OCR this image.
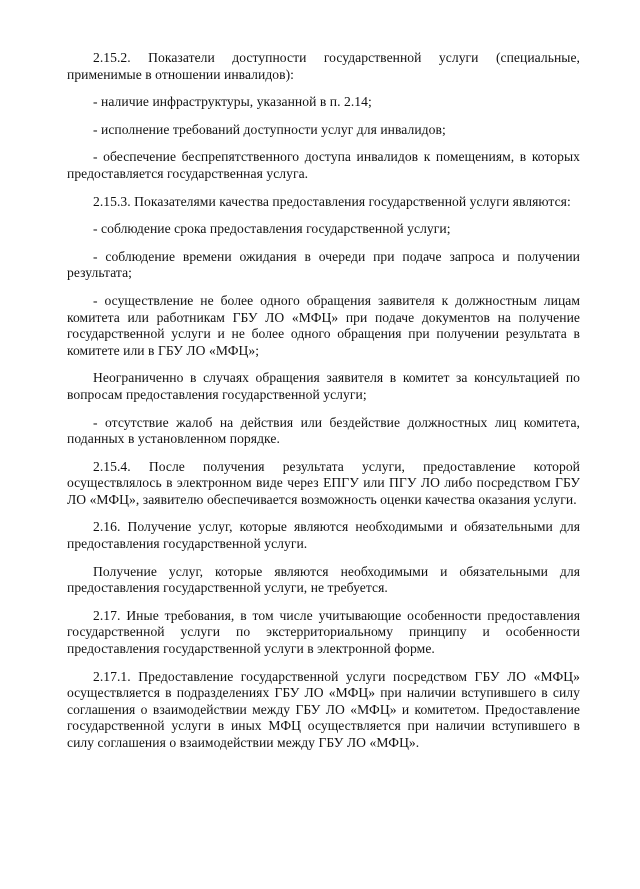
2.15.2. Показатели доступности государственной услуги (специальные, применимые в отношении инвалидов):

- наличие инфраструктуры, указанной в п. 2.14;

- исполнение требований доступности услуг для инвалидов;

- обеспечение беспрепятственного доступа инвалидов к помещениям, в которых предоставляется государственная услуга.

2.15.3. Показателями качества предоставления государственной услуги являются:

- соблюдение срока предоставления государственной услуги;

- соблюдение времени ожидания в очереди при подаче запроса и получении результата;

- осуществление не более одного обращения заявителя к должностным лицам комитета или работникам ГБУ ЛО «МФЦ» при подаче документов на получение государственной услуги и не более одного обращения при получении результата в комитете или в ГБУ ЛО «МФЦ»;

Неограниченно в случаях обращения заявителя в комитет за консультацией по вопросам предоставления государственной услуги;

- отсутствие жалоб на действия или бездействие должностных лиц комитета, поданных в установленном порядке.

2.15.4. После получения результата услуги, предоставление которой осуществлялось в электронном виде через ЕПГУ или ПГУ ЛО либо посредством ГБУ ЛО «МФЦ», заявителю обеспечивается возможность оценки качества оказания услуги.

2.16. Получение услуг, которые являются необходимыми и обязательными для предоставления государственной услуги.

Получение услуг, которые являются необходимыми и обязательными для предоставления государственной услуги, не требуется.

2.17. Иные требования, в том числе учитывающие особенности предоставления государственной услуги по экстерриториальному принципу и особенности предоставления государственной услуги в электронной форме.

2.17.1. Предоставление государственной услуги посредством ГБУ ЛО «МФЦ» осуществляется в подразделениях ГБУ ЛО «МФЦ» при наличии вступившего в силу соглашения о взаимодействии между ГБУ ЛО «МФЦ» и комитетом. Предоставление государственной услуги в иных МФЦ осуществляется при наличии вступившего в силу соглашения о взаимодействии между ГБУ ЛО «МФЦ».
